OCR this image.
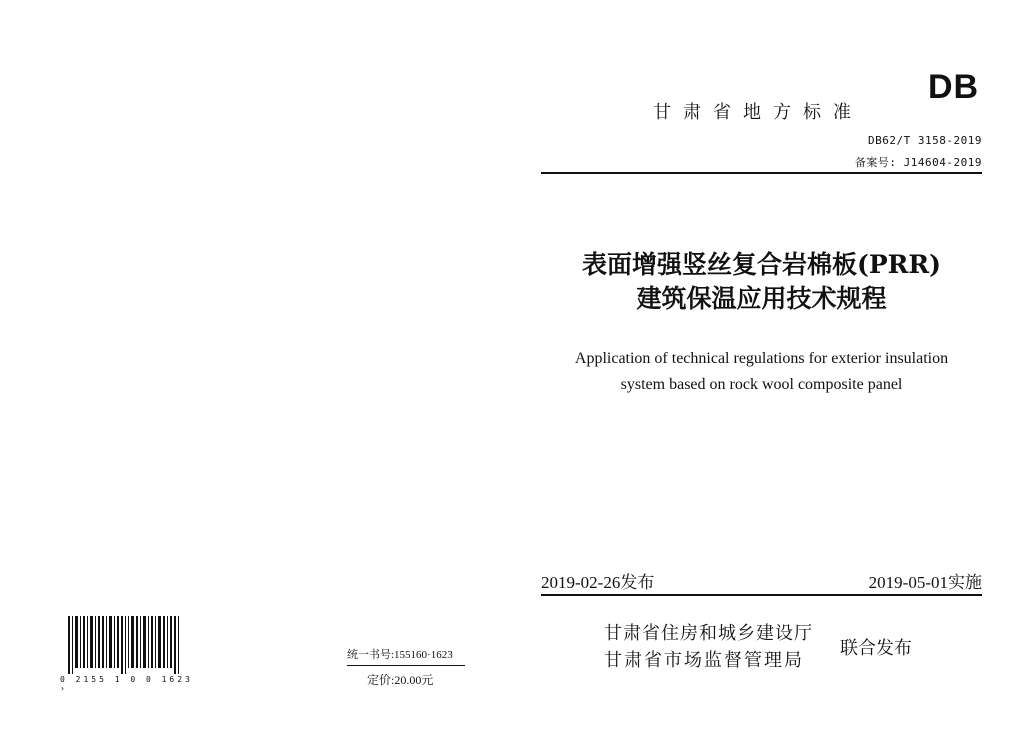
DB
甘肃省地方标准
DB62/T 3158-2019
备案号: J14604-2019
表面增强竖丝复合岩棉板(PRR)
建筑保温应用技术规程
Application of technical regulations for exterior insulation
system based on rock wool composite panel
2019-02-26发布	2019-05-01实施
甘肃省住房和城乡建设厅
甘肃省市场监督管理局
联合发布
统一书号:155160·1623
定价:20.00元
0 2155 1 0 0 1623 ›
